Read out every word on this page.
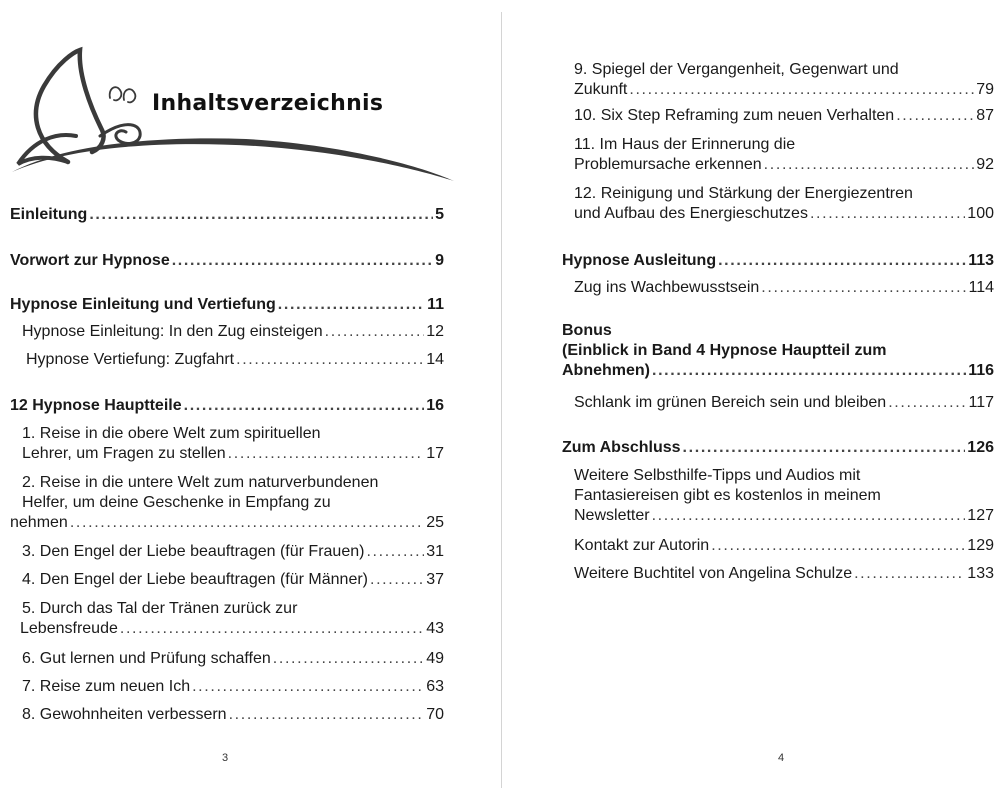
Inhaltsverzeichnis
Einleitung . . .	5
Vorwort zur Hypnose . . .	9
Hypnose Einleitung und Vertiefung . . .	11
Hypnose Einleitung: In den Zug einsteigen . . .	12
Hypnose Vertiefung: Zugfahrt . . .	14
12 Hypnose Hauptteile . . .	16
1. Reise in die obere Welt zum spirituellen
Lehrer, um Fragen zu stellen . . .	17
2. Reise in die untere Welt zum naturverbundenen
Helfer, um deine Geschenke in Empfang zu
nehmen . . .	25
3. Den Engel der Liebe beauftragen (für Frauen) . . .	31
4. Den Engel der Liebe beauftragen (für Männer) . . .	37
5. Durch das Tal der Tränen zurück zur
Lebensfreude . . .	43
6. Gut lernen und Prüfung schaffen . . .	49
7. Reise zum neuen Ich . . .	63
8. Gewohnheiten verbessern . . .	70
3
9. Spiegel der Vergangenheit, Gegenwart und
Zukunft . . .	79
10. Six Step Reframing zum neuen Verhalten . . .	87
11. Im Haus der Erinnerung die
Problemursache erkennen . . .	92
12. Reinigung und Stärkung der Energiezentren
und Aufbau des Energieschutzes . . .	100
Hypnose Ausleitung . . .	113
Zug ins Wachbewusstsein . . .	114
Bonus
(Einblick in Band 4 Hypnose Hauptteil zum
Abnehmen) . . .	116
Schlank im grünen Bereich sein und bleiben . . .	117
Zum Abschluss . . .	126
Weitere Selbsthilfe-Tipps und Audios mit
Fantasiereisen gibt es kostenlos in meinem
Newsletter . . .	127
Kontakt zur Autorin . . .	129
Weitere Buchtitel von Angelina Schulze . . .	133
4
